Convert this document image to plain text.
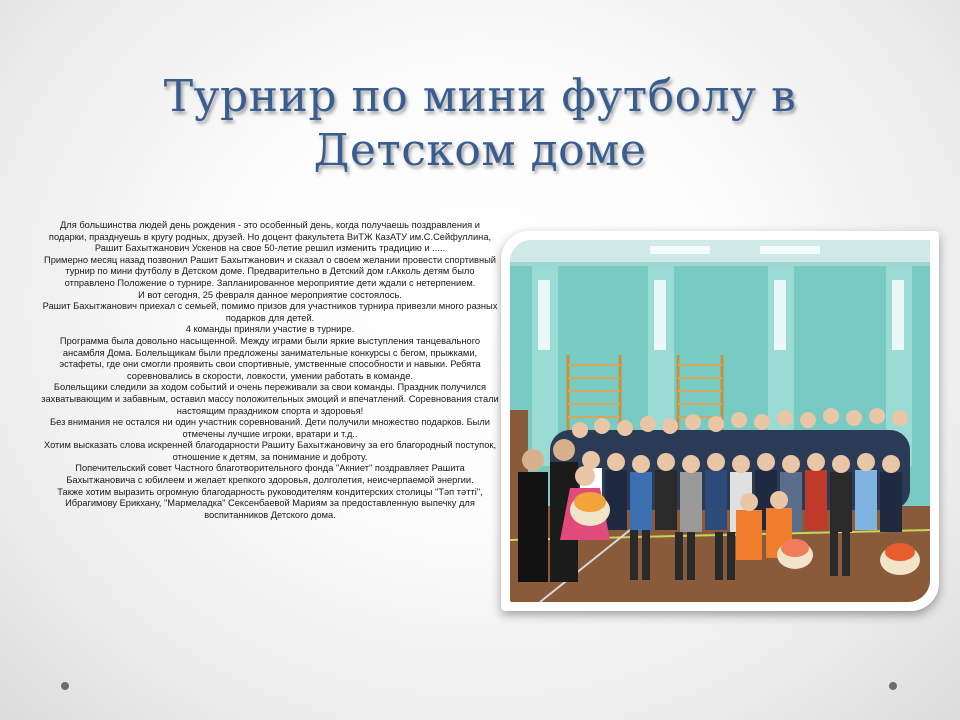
Турнир по мини футболу в Детском доме

Для большинства людей день рождения - это особенный день, когда получаешь поздравления и подарки, празднуешь в кругу родных, друзей. Но доцент факультета ВиТЖ КазАТУ им.С.Сейфуллина, Рашит Бахытжанович Ускенов на свое 50-летие решил изменить традицию и .....

Примерно месяц назад позвонил Рашит Бахытжанович и сказал о своем желании провести спортивный турнир по мини футболу в Детском доме. Предварительно в Детский дом г.Акколь детям было отправлено Положение о турнире. Запланированное мероприятие дети ждали с нетерпением.

И вот сегодня, 25 февраля данное мероприятие состоялось.

Рашит Бахытжанович приехал с семьей, помимо призов для участников турнира привезли много разных подарков для детей.

4 команды приняли участие в турнире.

Программа была довольно насыщенной. Между играми были яркие выступления танцевального ансамбля Дома. Болельщикам были предложены занимательные конкурсы с бегом, прыжками, эстафеты, где они смогли проявить свои спортивные, умственные способности и навыки. Ребята соревновались в скорости, ловкости, умении работать в команде.

Болельщики следили за ходом событий и очень переживали за свои команды. Праздник получился захватывающим и забавным, оставил массу положительных эмоций и впечатлений. Соревнования стали настоящим праздником спорта и здоровья!

Без внимания не остался ни один участник соревнований. Дети получили множество подарков. Были отмечены лучшие игроки, вратари и т.д..

Хотим высказать слова искренней благодарности Рашиту Бахытжановичу за его благородный поступок, отношение к детям, за понимание и доброту.

Попечительский совет Частного благотворительного фонда "Акниет" поздравляет Рашита Бахытжановича с юбилеем и желает крепкого здоровья, долголетия, неисчерпаемой энергии.

Также хотим выразить огромную благодарность руководителям кондитерских столицы "Тәп тәтті", Ибрагимову Ерикхану, "Мармеладка" Сексенбаевой Мариям за предоставленную выпечку для воспитанников Детского дома.
